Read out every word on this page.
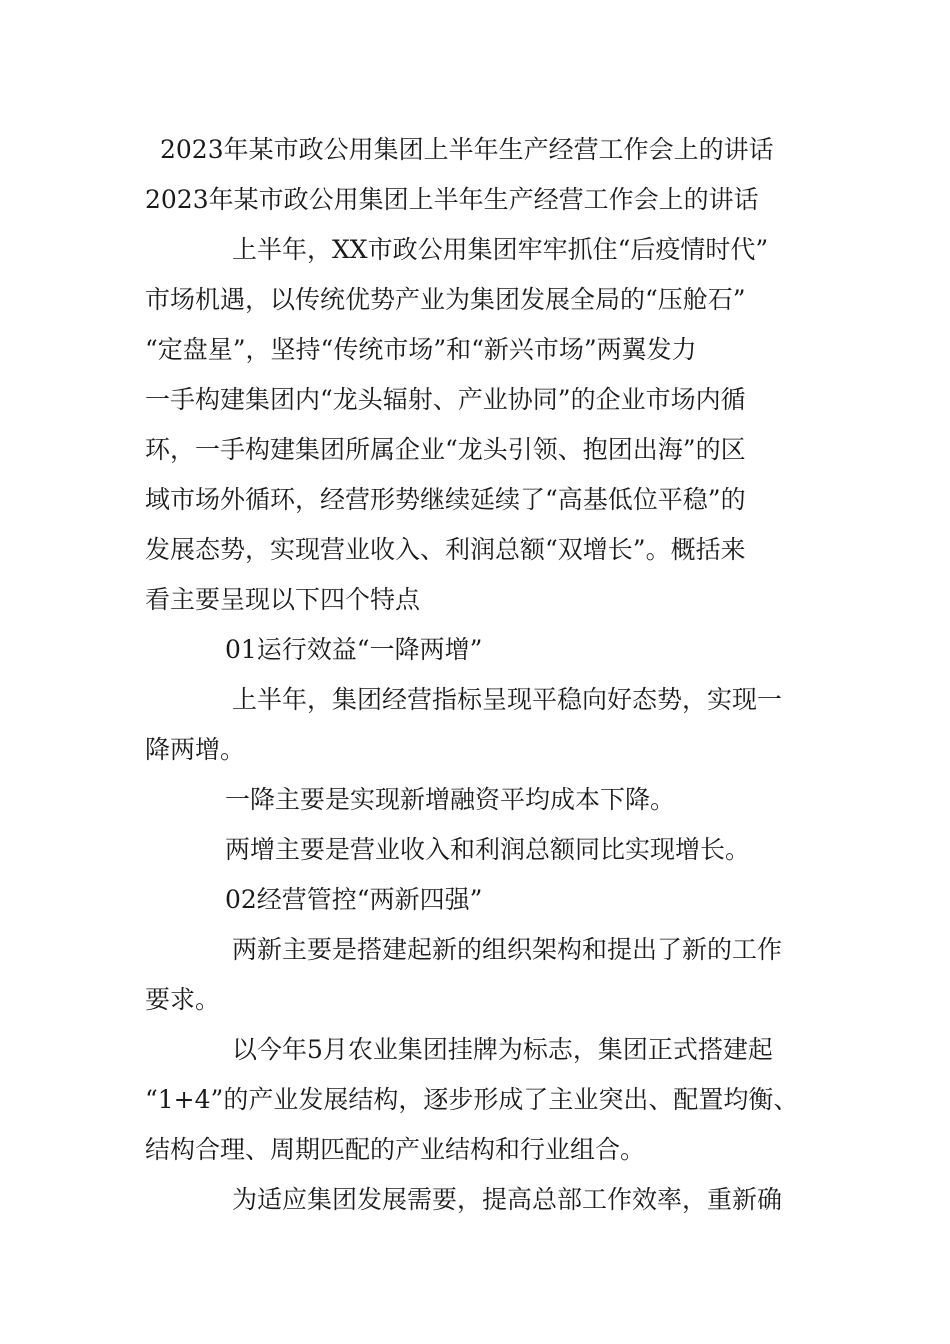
2023年某市政公用集团上半年生产经营工作会上的讲话
2023年某市政公用集团上半年生产经营工作会上的讲话
上半年，XX市政公用集团牢牢抓住“后疫情时代”
市场机遇，以传统优势产业为集团发展全局的“压舱石”
“定盘星”，坚持“传统市场”和“新兴市场”两翼发力
一手构建集团内“龙头辐射、产业协同”的企业市场内循
环，一手构建集团所属企业“龙头引领、抱团出海”的区
域市场外循环，经营形势继续延续了“高基低位平稳”的
发展态势，实现营业收入、利润总额“双增长”。概括来
看主要呈现以下四个特点
01运行效益“一降两增”
上半年，集团经营指标呈现平稳向好态势，实现一
降两增。
一降主要是实现新增融资平均成本下降。
两增主要是营业收入和利润总额同比实现增长。
02经营管控“两新四强”
两新主要是搭建起新的组织架构和提出了新的工作
要求。
以今年5月农业集团挂牌为标志，集团正式搭建起
“1+4”的产业发展结构，逐步形成了主业突出、配置均衡、
结构合理、周期匹配的产业结构和行业组合。
为适应集团发展需要，提高总部工作效率，重新确
